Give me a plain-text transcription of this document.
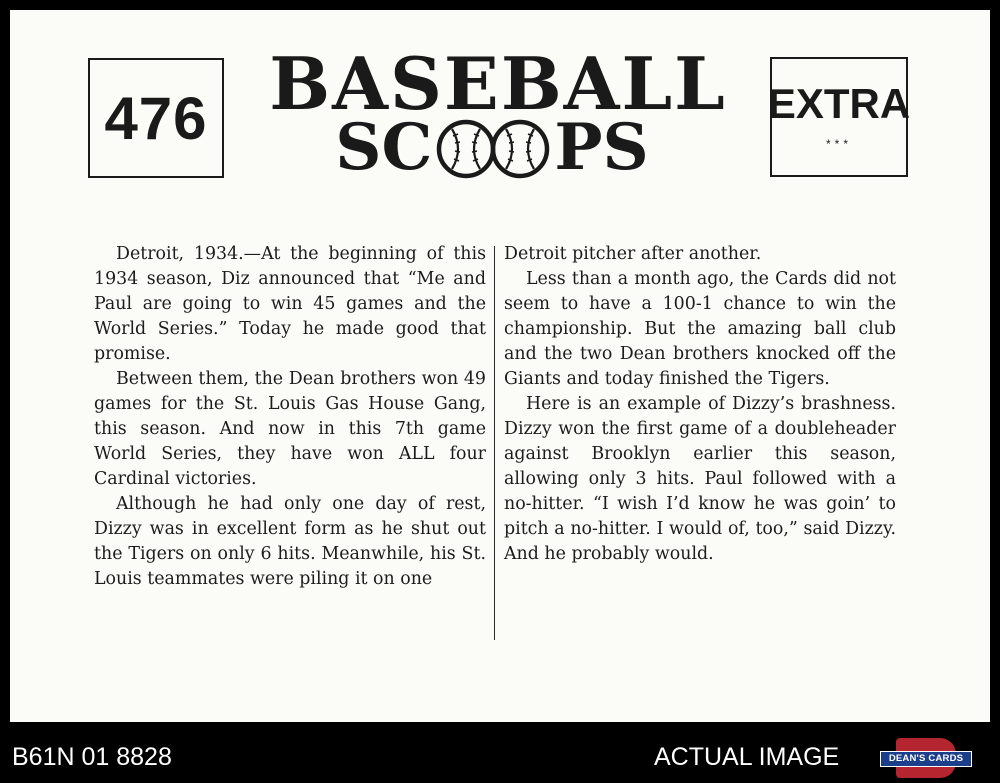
476 BASEBALL
SC PS
EXTRA
***

Detroit, 1934.—At the beginning of this 1934 season, Diz announced that “Me and Paul are going to win 45 games and the World Series.” Today he made good that promise.

Between them, the Dean brothers won 49 games for the St. Louis Gas House Gang, this season. And now in this 7th game World Series, they have won ALL four Cardinal victories.

Although he had only one day of rest, Dizzy was in excellent form as he shut out the Tigers on only 6 hits. Meanwhile, his St. Louis teammates were piling it on one

Detroit pitcher after another.

Less than a month ago, the Cards did not seem to have a 100-1 chance to win the championship. But the amazing ball club and the two Dean brothers knocked off the Giants and today finished the Tigers.

Here is an example of Dizzy’s brashness. Dizzy won the first game of a doubleheader against Brooklyn earlier this season, allowing only 3 hits. Paul followed with a no-hitter. “I wish I’d know he was goin’ to pitch a no-hitter. I would of, too,” said Dizzy. And he probably would.

B61N 01 8828	ACTUAL IMAGE	DEAN'S CARDS
